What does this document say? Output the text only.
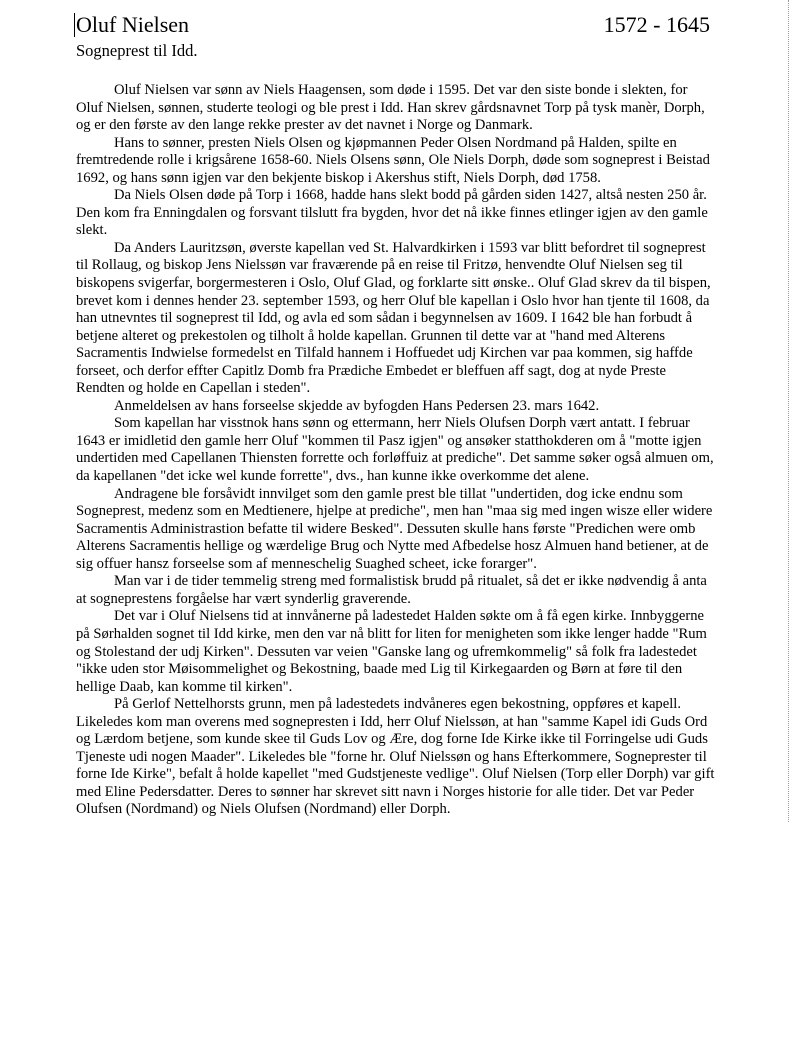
Oluf Nielsen	1572 - 1645
Sogneprest til Idd.

Oluf Nielsen var sønn av Niels Haagensen, som døde i 1595. Det var den siste bonde i slekten, for Oluf Nielsen, sønnen, studerte teologi og ble prest i Idd. Han skrev gårdsnavnet Torp på tysk manèr, Dorph, og er den første av den lange rekke prester av det navnet i Norge og Danmark.

Hans to sønner, presten Niels Olsen og kjøpmannen Peder Olsen Nordmand på Halden, spilte en fremtredende rolle i krigsårene 1658-60. Niels Olsens sønn, Ole Niels Dorph, døde som sogneprest i Beistad 1692, og hans sønn igjen var den bekjente biskop i Akershus stift, Niels Dorph, død 1758.

Da Niels Olsen døde på Torp i 1668, hadde hans slekt bodd på gården siden 1427, altså nesten 250 år. Den kom fra Enningdalen og forsvant tilslutt fra bygden, hvor det nå ikke finnes etlinger igjen av den gamle slekt.

Da Anders Lauritzsøn, øverste kapellan ved St. Halvardkirken i 1593 var blitt befordret til sogneprest til Rollaug, og biskop Jens Nielssøn var fraværende på en reise til Fritzø, henvendte Oluf Nielsen seg til biskopens svigerfar, borgermesteren i Oslo, Oluf Glad, og forklarte sitt ønske.. Oluf Glad skrev da til bispen, brevet kom i dennes hender 23. september 1593, og herr Oluf ble kapellan i Oslo hvor han tjente til 1608, da han utnevntes til sogneprest til Idd, og avla ed som sådan i begynnelsen av 1609. I 1642 ble han forbudt å betjene alteret og prekestolen og tilholt å holde kapellan. Grunnen til dette var at "hand med Alterens Sacramentis Indwielse formedelst en Tilfald hannem i Hoffuedet udj Kirchen var paa kommen, sig haffde forseet, och derfor effter Capitlz Domb fra Prædiche Embedet er bleffuen aff sagt, dog at nyde Preste Rendten og holde en Capellan i steden".

Anmeldelsen av hans forseelse skjedde av byfogden Hans Pedersen 23. mars 1642.

Som kapellan har visstnok hans sønn og ettermann, herr Niels Olufsen Dorph vært antatt. I februar 1643 er imidletid den gamle herr Oluf "kommen til Pasz igjen" og ansøker statthokderen om å "motte igjen undertiden med Capellanen Thiensten forrette och forløffuiz at prediche". Det samme søker også almuen om, da kapellanen "det icke wel kunde forrette", dvs., han kunne ikke overkomme det alene.

Andragene ble forsåvidt innvilget som den gamle prest ble tillat "undertiden, dog icke endnu som Sogneprest, medenz som en Medtienere, hjelpe at prediche", men han "maa sig med ingen wisze eller widere Sacramentis Administrastion befatte til widere Besked". Dessuten skulle hans første "Predichen were omb Alterens Sacramentis hellige og wærdelige Brug och Nytte med Afbedelse hosz Almuen hand betiener, at de sig offuer hansz forseelse som af menneschelig Suaghed scheet, icke forarger".

Man var i de tider temmelig streng med formalistisk brudd på ritualet, så det er ikke nødvendig å anta at sogneprestens forgåelse har vært synderlig graverende.

Det var i Oluf Nielsens tid at innvånerne på ladestedet Halden søkte om å få egen kirke. Innbyggerne på Sørhalden sognet til Idd kirke, men den var nå blitt for liten for menigheten som ikke lenger hadde "Rum og Stolestand der udj Kirken". Dessuten var veien "Ganske lang og ufremkommelig" så folk fra ladestedet "ikke uden stor Møisommelighet og Bekostning, baade med Lig til Kirkegaarden og Børn at føre til den hellige Daab, kan komme til kirken".

På Gerlof Nettelhorsts grunn, men på ladestedets indvåneres egen bekostning, oppføres et kapell. Likeledes kom man overens med sognepresten i Idd, herr Oluf Nielssøn, at han "samme Kapel idi Guds Ord og Lærdom betjene, som kunde skee til Guds Lov og Ære, dog forne Ide Kirke ikke til Forringelse udi Guds Tjeneste udi nogen Maader". Likeledes ble "forne hr. Oluf Nielssøn og hans Efterkommere, Sogneprester til forne Ide Kirke", befalt å holde kapellet "med Gudstjeneste vedlige". Oluf Nielsen (Torp eller Dorph) var gift med Eline Pedersdatter. Deres to sønner har skrevet sitt navn i Norges historie for alle tider. Det var Peder Olufsen (Nordmand) og Niels Olufsen (Nordmand) eller Dorph.
